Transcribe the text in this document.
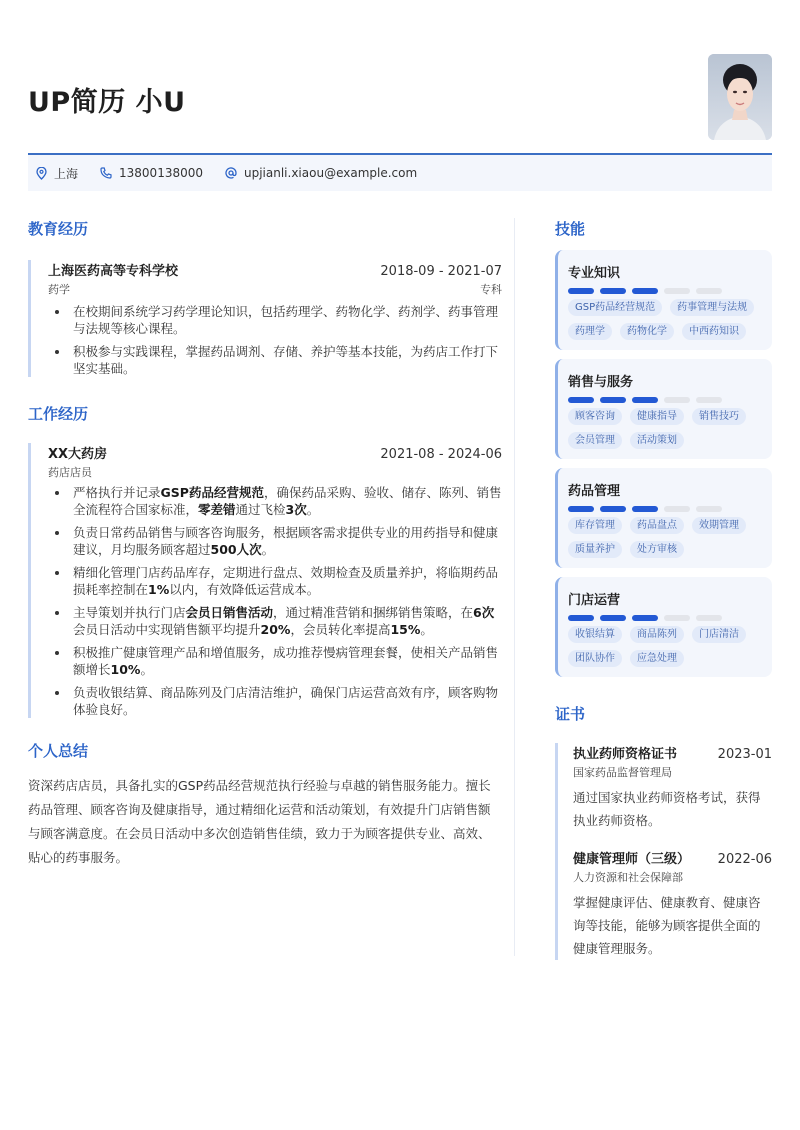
UP简历 小U
上海	13800138000	upjianli.xiaou@example.com
教育经历
上海医药高等专科学校	2018-09 - 2021-07
药学	专科
在校期间系统学习药学理论知识，包括药理学、药物化学、药剂学、药事管理与法规等核心课程。
积极参与实践课程，掌握药品调剂、存储、养护等基本技能，为药店工作打下坚实基础。
工作经历
XX大药房	2021-08 - 2024-06
药店店员
严格执行并记录GSP药品经营规范，确保药品采购、验收、储存、陈列、销售全流程符合国家标准，零差错通过飞检3次。
负责日常药品销售与顾客咨询服务，根据顾客需求提供专业的用药指导和健康建议，月均服务顾客超过500人次。
精细化管理门店药品库存，定期进行盘点、效期检查及质量养护，将临期药品损耗率控制在1%以内，有效降低运营成本。
主导策划并执行门店会员日销售活动，通过精准营销和捆绑销售策略，在6次会员日活动中实现销售额平均提升20%，会员转化率提高15%。
积极推广健康管理产品和增值服务，成功推荐慢病管理套餐，使相关产品销售额增长10%。
负责收银结算、商品陈列及门店清洁维护，确保门店运营高效有序，顾客购物体验良好。
个人总结
资深药店店员，具备扎实的GSP药品经营规范执行经验与卓越的销售服务能力。擅长药品管理、顾客咨询及健康指导，通过精细化运营和活动策划，有效提升门店销售额与顾客满意度。在会员日活动中多次创造销售佳绩，致力于为顾客提供专业、高效、贴心的药事服务。
技能
专业知识
GSP药品经营规范	药事管理与法规
药理学	药物化学	中西药知识
销售与服务
顾客咨询	健康指导	销售技巧
会员管理	活动策划
药品管理
库存管理	药品盘点	效期管理
质量养护	处方审核
门店运营
收银结算	商品陈列	门店清洁
团队协作	应急处理
证书
执业药师资格证书	2023-01
国家药品监督管理局
通过国家执业药师资格考试，获得执业药师资格。
健康管理师（三级） 2022-06
人力资源和社会保障部
掌握健康评估、健康教育、健康咨询等技能，能够为顾客提供全面的健康管理服务。
